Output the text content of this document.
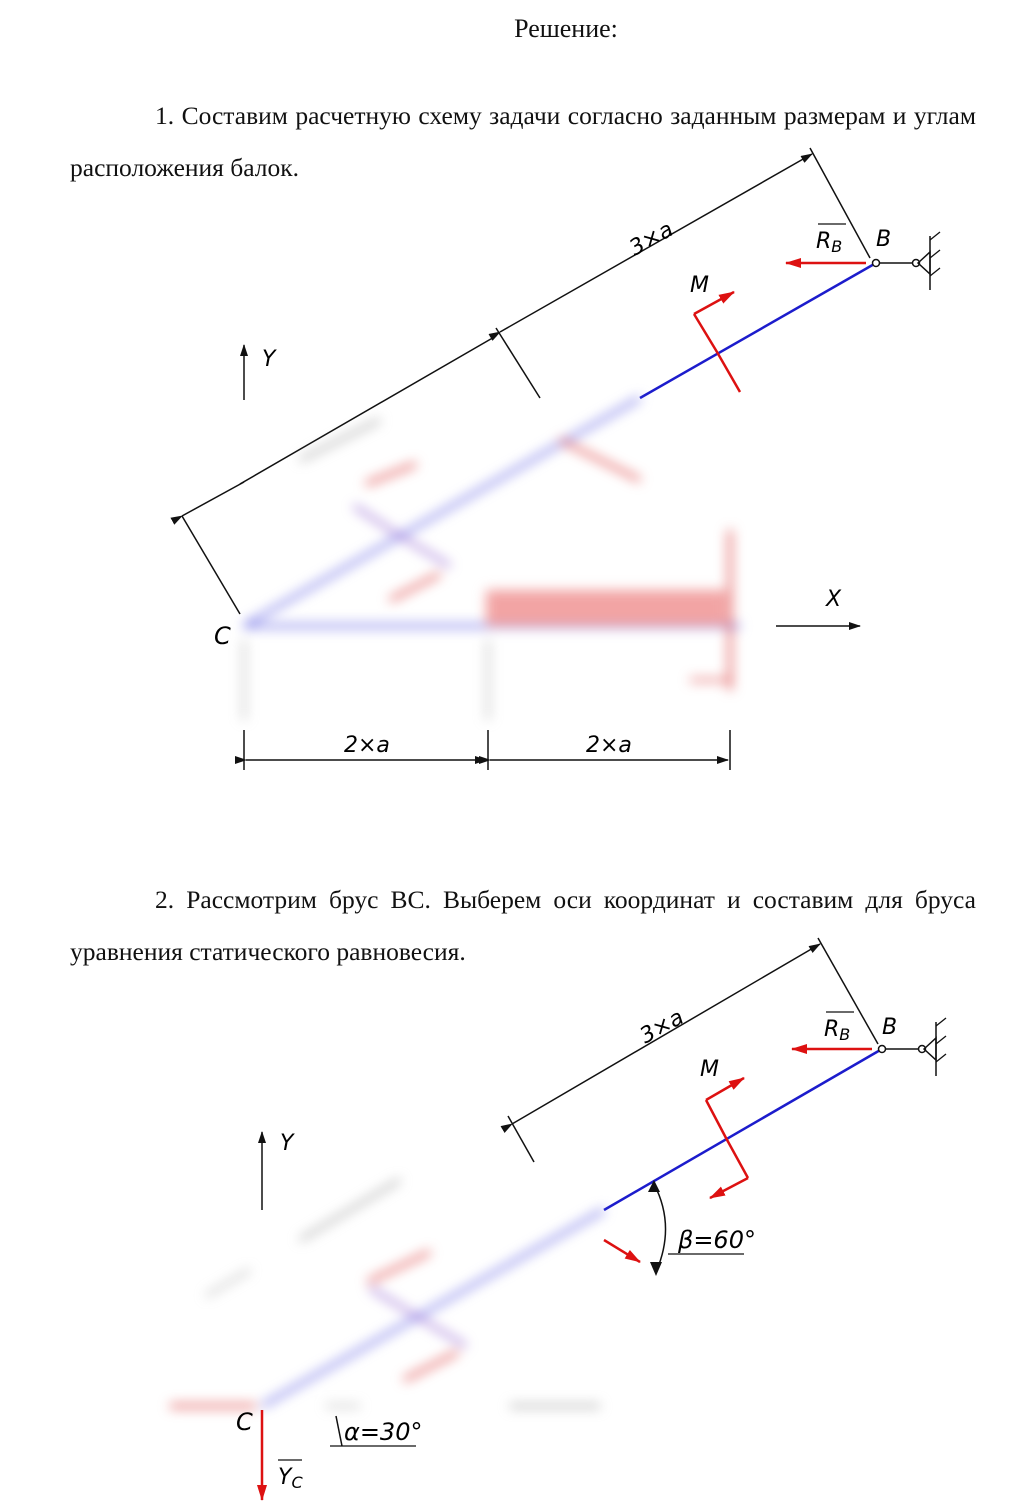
Решение:
1. Составим расчетную схему задачи согласно заданным размерам и углам расположения балок.
3×a	RB B
M
Y
X
C
2×a	2×a
2. Рассмотрим брус ВС. Выберем оси координат и составим для бруса уравнения статического равновесия.
3×a	RB B
M
β=60°
Y
C	α=30°
YC
